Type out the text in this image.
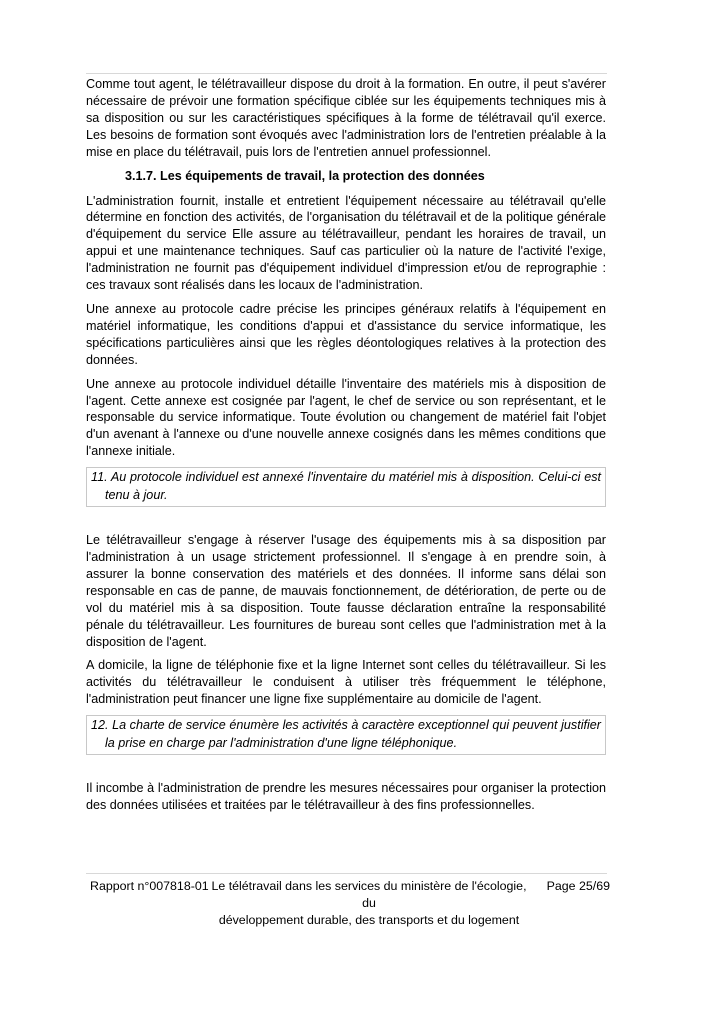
Comme tout agent, le télétravailleur dispose du droit à la formation. En outre, il peut s'avérer nécessaire de prévoir une formation spécifique ciblée sur les équipements techniques mis à sa disposition ou sur les caractéristiques spécifiques à la forme de télétravail qu'il exerce. Les besoins de formation sont évoqués avec l'administration lors de l'entretien préalable à la mise en place du télétravail, puis lors de l'entretien annuel professionnel.

3.1.7. Les équipements de travail, la protection des données

L'administration fournit, installe et entretient l'équipement nécessaire au télétravail qu'elle détermine en fonction des activités, de l'organisation du télétravail et de la politique générale d'équipement du service Elle assure au télétravailleur, pendant les horaires de travail, un appui et une maintenance techniques. Sauf cas particulier où la nature de l'activité l'exige, l'administration ne fournit pas d'équipement individuel d'impression et/ou de reprographie : ces travaux sont réalisés dans les locaux de l'administration.

Une annexe au protocole cadre précise les principes généraux relatifs à l'équipement en matériel informatique, les conditions d'appui et d'assistance du service informatique, les spécifications particulières ainsi que les règles déontologiques relatives à la protection des données.

Une annexe au protocole individuel détaille l'inventaire des matériels mis à disposition de l'agent. Cette annexe est cosignée par l'agent, le chef de service ou son représentant, et le responsable du service informatique. Toute évolution ou changement de matériel fait l'objet d'un avenant à l'annexe ou d'une nouvelle annexe cosignés dans les mêmes conditions que l'annexe initiale.

11. Au protocole individuel est annexé l'inventaire du matériel mis à disposition. Celui-ci est tenu à jour.

Le télétravailleur s'engage à réserver l'usage des équipements mis à sa disposition par l'administration à un usage strictement professionnel. Il s'engage à en prendre soin, à assurer la bonne conservation des matériels et des données. Il informe sans délai son responsable en cas de panne, de mauvais fonctionnement, de détérioration, de perte ou de vol du matériel mis à sa disposition. Toute fausse déclaration entraîne la responsabilité pénale du télétravailleur. Les fournitures de bureau sont celles que l'administration met à la disposition de l'agent.

A domicile, la ligne de téléphonie fixe et la ligne Internet sont celles du télétravailleur. Si les activités du télétravailleur le conduisent à utiliser très fréquemment le téléphone, l'administration peut financer une ligne fixe supplémentaire au domicile de l'agent.

12. La charte de service énumère les activités à caractère exceptionnel qui peuvent justifier la prise en charge par l'administration d'une ligne téléphonique.

Il incombe à l'administration de prendre les mesures nécessaires pour organiser la protection des données utilisées et traitées par le télétravailleur à des fins professionnelles.

Rapport n°007818-01 Le télétravail dans les services du ministère de l'écologie, du
développement durable, des transports et du logement
Page 25/69
